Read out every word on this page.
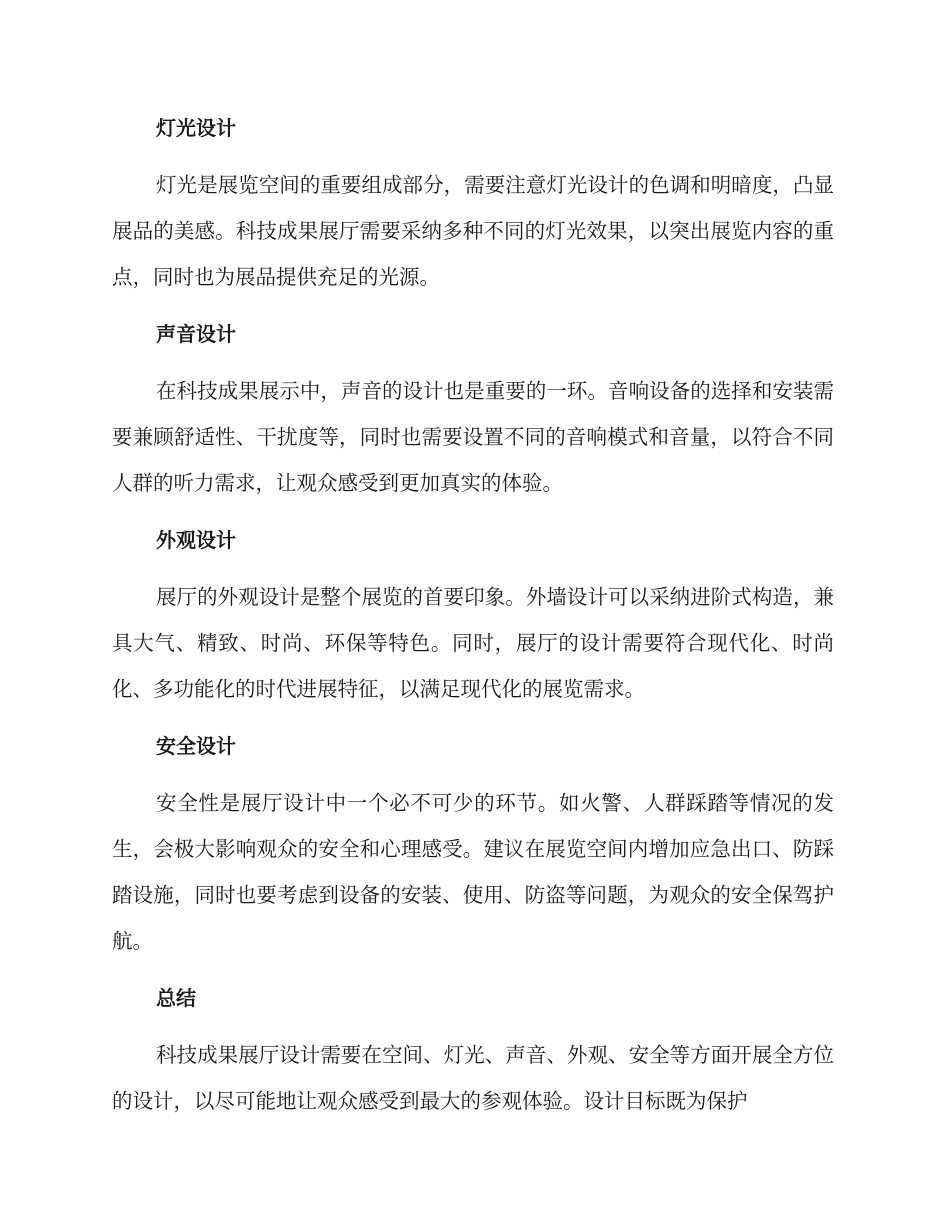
灯光设计

灯光是展览空间的重要组成部分，需要注意灯光设计的色调和明暗度，凸显展品的美感。科技成果展厅需要采纳多种不同的灯光效果，以突出展览内容的重点，同时也为展品提供充足的光源。

声音设计

在科技成果展示中，声音的设计也是重要的一环。音响设备的选择和安装需要兼顾舒适性、干扰度等，同时也需要设置不同的音响模式和音量，以符合不同人群的听力需求，让观众感受到更加真实的体验。

外观设计

展厅的外观设计是整个展览的首要印象。外墙设计可以采纳进阶式构造，兼具大气、精致、时尚、环保等特色。同时，展厅的设计需要符合现代化、时尚化、多功能化的时代进展特征，以满足现代化的展览需求。

安全设计

安全性是展厅设计中一个必不可少的环节。如火警、人群踩踏等情况的发生，会极大影响观众的安全和心理感受。建议在展览空间内增加应急出口、防踩踏设施，同时也要考虑到设备的安装、使用、防盗等问题，为观众的安全保驾护航。

总结

科技成果展厅设计需要在空间、灯光、声音、外观、安全等方面开展全方位的设计，以尽可能地让观众感受到最大的参观体验。设计目标既为保护
